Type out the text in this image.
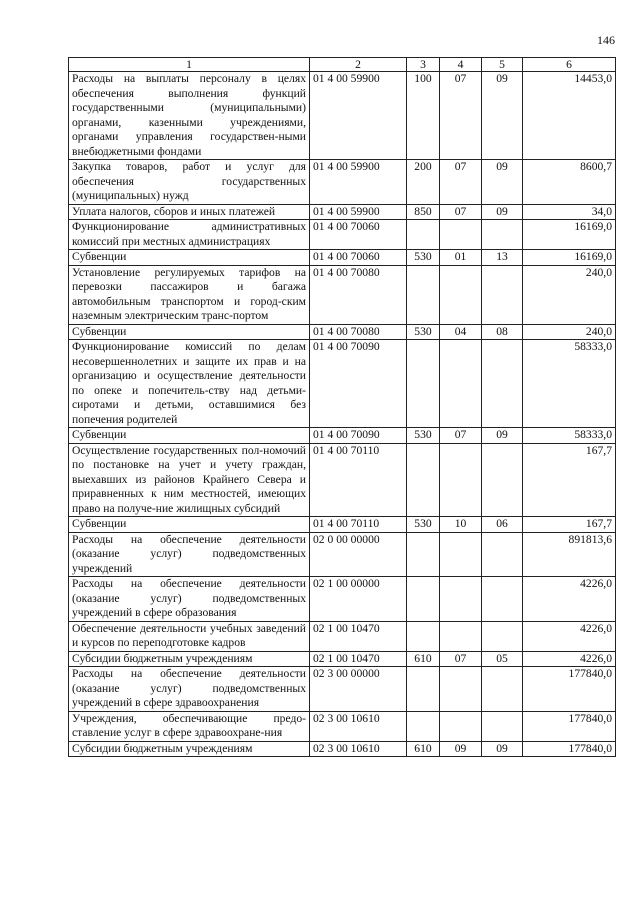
146
1	2	3	4	5	6
Расходы на выплаты персоналу в целях обеспечения выполнения функций государственными (муниципальными) органами, казенными учреждениями, органами управления государствен-ными внебюджетными фондами	01 4 00 59900	100	07	09	14453,0
Закупка товаров, работ и услуг для обеспечения государственных (муниципальных) нужд	01 4 00 59900	200	07	09	8600,7
Уплата налогов, сборов и иных платежей	01 4 00 59900	850	07	09	34,0
Функционирование административных комиссий при местных администрациях	01 4 00 70060				16169,0
Субвенции	01 4 00 70060	530	01	13	16169,0
Установление регулируемых тарифов на перевозки пассажиров и багажа автомобильным транспортом и город-ским наземным электрическим транс-портом	01 4 00 70080				240,0
Субвенции	01 4 00 70080	530	04	08	240,0
Функционирование комиссий по делам несовершеннолетних и защите их прав и на организацию и осуществление деятельности по опеке и попечитель-ству над детьми-сиротами и детьми, оставшимися без попечения родителей	01 4 00 70090				58333,0
Субвенции	01 4 00 70090	530	07	09	58333,0
Осуществление государственных пол-номочий по постановке на учет и учету граждан, выехавших из районов Крайнего Севера и приравненных к ним местностей, имеющих право на получе-ние жилищных субсидий	01 4 00 70110				167,7
Субвенции	01 4 00 70110	530	10	06	167,7
Расходы на обеспечение деятельности (оказание услуг) подведомственных учреждений	02 0 00 00000				891813,6
Расходы на обеспечение деятельности (оказание услуг) подведомственных учреждений в сфере образования	02 1 00 00000				4226,0
Обеспечение деятельности учебных заведений и курсов по переподготовке кадров	02 1 00 10470				4226,0
Субсидии бюджетным учреждениям	02 1 00 10470	610	07	05	4226,0
Расходы на обеспечение деятельности (оказание услуг) подведомственных учреждений в сфере здравоохранения	02 3 00 00000				177840,0
Учреждения, обеспечивающие предо-ставление услуг в сфере здравоохране-ния	02 3 00 10610				177840,0
Субсидии бюджетным учреждениям	02 3 00 10610	610	09	09	177840,0
